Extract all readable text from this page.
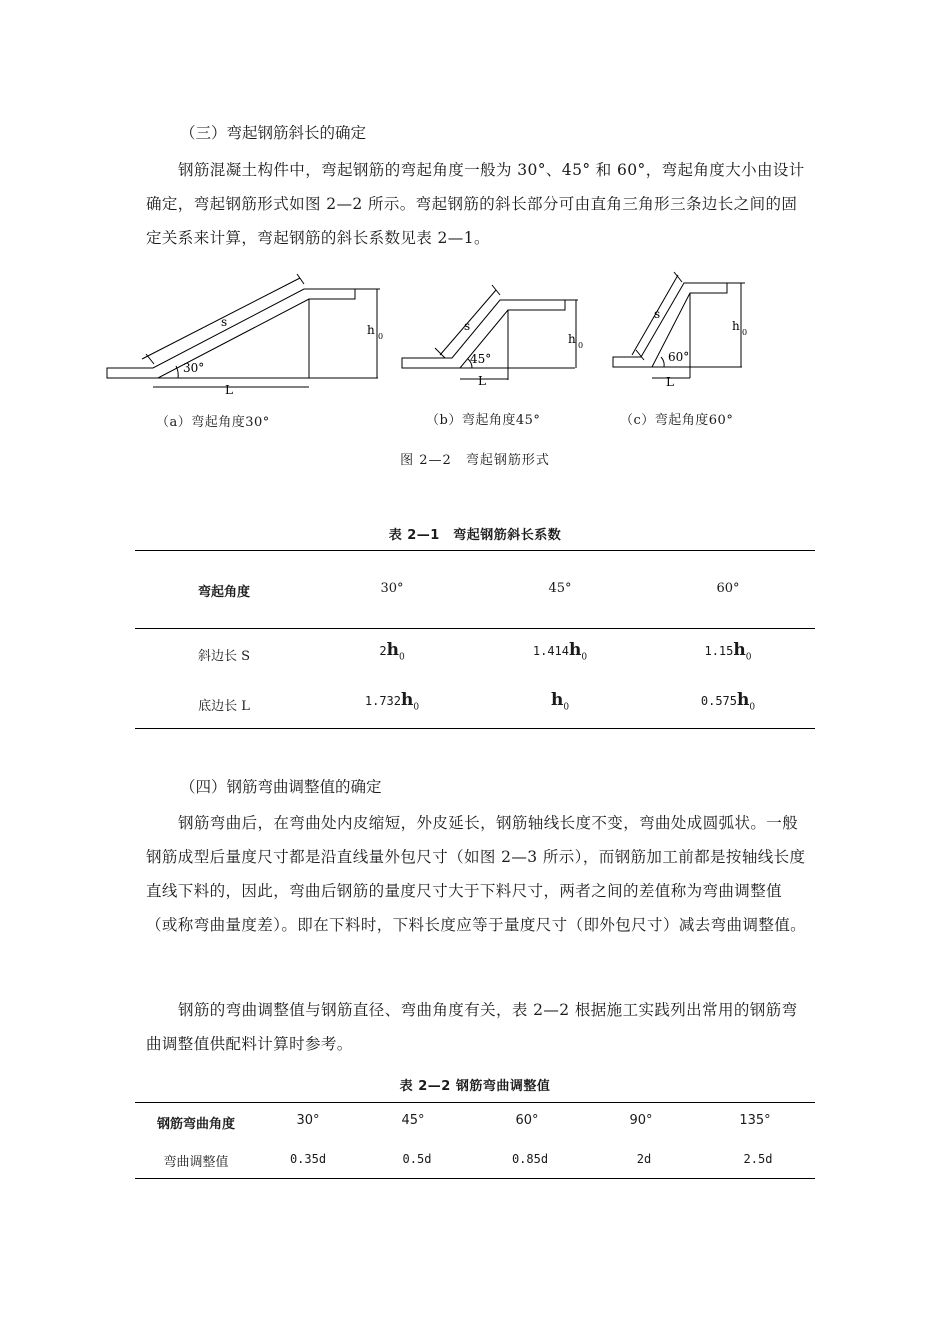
（三）弯起钢筋斜长的确定
钢筋混凝土构件中，弯起钢筋的弯起角度一般为 30°、45° 和 60°，弯起角度大小由设计确定，弯起钢筋形式如图 2—2 所示。弯起钢筋的斜长部分可由直角三角形三条边长之间的固定关系来计算，弯起钢筋的斜长系数见表 2—1。
s
30°
L
h 0
s
45°
L
h 0
s
60°
L
h 0
（a）弯起角度30°	（b）弯起角度45°	（c）弯起角度60°
图 2—2　弯起钢筋形式
表 2—1　弯起钢筋斜长系数
弯起角度	30°	45°	60°
斜边长 S	$2h_0$	$1.414h_0$	$1.15h_0$
底边长 L	$1.732h_0$	$h_0$	$0.575h_0$
（四）钢筋弯曲调整值的确定
钢筋弯曲后，在弯曲处内皮缩短，外皮延长，钢筋轴线长度不变，弯曲处成圆弧状。一般钢筋成型后量度尺寸都是沿直线量外包尺寸（如图 2—3 所示），而钢筋加工前都是按轴线长度直线下料的，因此，弯曲后钢筋的量度尺寸大于下料尺寸，两者之间的差值称为弯曲调整值（或称弯曲量度差）。即在下料时，下料长度应等于量度尺寸（即外包尺寸）减去弯曲调整值。
钢筋的弯曲调整值与钢筋直径、弯曲角度有关，表 2—2 根据施工实践列出常用的钢筋弯曲调整值供配料计算时参考。
表 2—2 钢筋弯曲调整值
钢筋弯曲角度	30°	45°	60°	90°	135°
弯曲调整值	0.35d	0.5d	0.85d	2d	2.5d
